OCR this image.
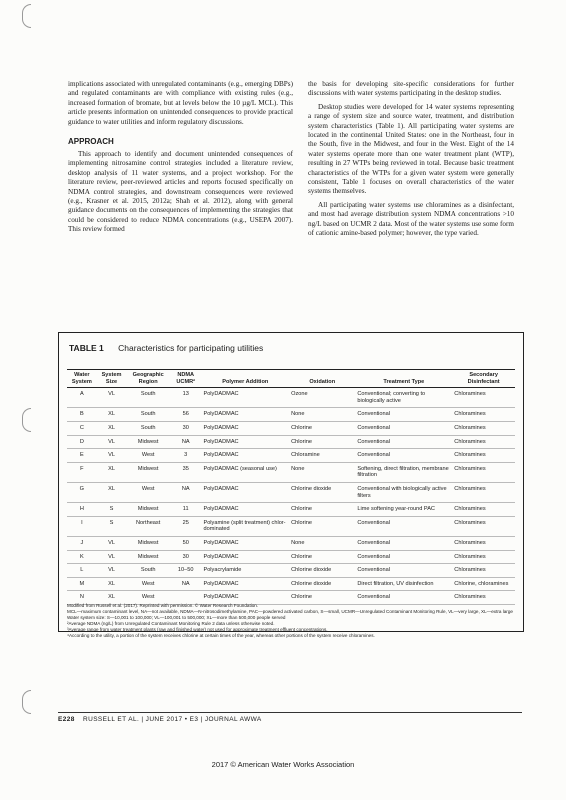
implications associated with unregulated contaminants (e.g., emerging DBPs) and regulated contaminants are with compliance with existing rules (e.g., increased formation of bromate, but at levels below the 10 µg/L MCL). This article presents information on unintended consequences to provide practical guidance to water utilities and inform regulatory discussions.

APPROACH

This approach to identify and document unintended consequences of implementing nitrosamine control strategies included a literature review, desktop analysis of 11 water systems, and a project workshop. For the literature review, peer-reviewed articles and reports focused specifically on NDMA control strategies, and downstream consequences were reviewed (e.g., Krasner et al. 2015, 2012a; Shah et al. 2012), along with general guidance documents on the consequences of implementing the strategies that could be considered to reduce NDMA concentrations (e.g., USEPA 2007). This review formed

the basis for developing site-specific considerations for further discussions with water systems participating in the desktop studies.

Desktop studies were developed for 14 water systems representing a range of system size and source water, treatment, and distribution system characteristics (Table 1). All participating water systems are located in the continental United States: one in the Northeast, four in the South, five in the Midwest, and four in the West. Eight of the 14 water systems operate more than one water treatment plant (WTP), resulting in 27 WTPs being reviewed in total. Because basic treatment characteristics of the WTPs for a given water system were generally consistent, Table 1 focuses on overall characteristics of the water systems themselves.

All participating water systems use chloramines as a disinfectant, and most had average distribution system NDMA concentrations >10 ng/L based on UCMR 2 data. Most of the water systems use some form of cationic amine-based polymer; however, the type varied.

TABLE 1 Characteristics for participating utilities
Water System	System Size	Geographic Region	NDMA UCMR²	Polymer Addition	Oxidation	Treatment Type	Secondary Disinfectant
A	VL	South	13	PolyDADMAC	Ozone	Conventional; converting to biologically active	Chloramines
B	XL	South	56	PolyDADMAC	None	Conventional	Chloramines
C	XL	South	30	PolyDADMAC	Chlorine	Conventional	Chloramines
D	VL	Midwest	NA	PolyDADMAC	Chlorine	Conventional	Chloramines
E	VL	West	3	PolyDADMAC	Chloramine	Conventional	Chloramines
F	XL	Midwest	35	PolyDADMAC (seasonal use)	None	Softening, direct filtration, membrane filtration	Chloramines
G	XL	West	NA	PolyDADMAC	Chlorine dioxide	Conventional with biologically active filters	Chloramines
H	S	Midwest	11	PolyDADMAC	Chlorine	Lime softening year-round PAC	Chloramines
I	S	Northeast	25	Polyamine (split treatment) chlor-dominated	Chlorine	Conventional	Chloramines
J	VL	Midwest	50	PolyDADMAC	None	Conventional	Chloramines
K	VL	Midwest	30	PolyDADMAC	Chlorine	Conventional	Chloramines
L	VL	South	10–50	Polyacrylamide	Chlorine dioxide	Conventional	Chloramines
M	XL	West	NA	PolyDADMAC	Chlorine dioxide	Direct filtration, UV disinfection	Chlorine, chloramines
N	XL	West		PolyDADMAC	Chlorine	Conventional	Chloramines
Modified from Russell et al. (2017). Reprinted with permission. © Water Research Foundation.
MCL—maximum contaminant level, NA—not available, NDMA—N-nitrosodimethylamine, PAC—powdered activated carbon, S—small, UCMR—Unregulated Contaminant Monitoring Rule, VL—very large, XL—extra large
Water system size: S—10,001 to 100,000; VL—100,001 to 500,000; XL—more than 500,000 people served
²Average NDMA (ng/L) from Unregulated Contaminant Monitoring Rule 2 data unless otherwise noted.
³Average range from water treatment plants (raw and finished water) not used for approximate treatment effluent concentrations.
⁴According to the utility, a portion of the system receives chlorine at certain times of the year, whereas other portions of the system receive chloramines.
E228 RUSSELL ET AL. | JUNE 2017 • E3 | JOURNAL AWWA
2017 © American Water Works Association
